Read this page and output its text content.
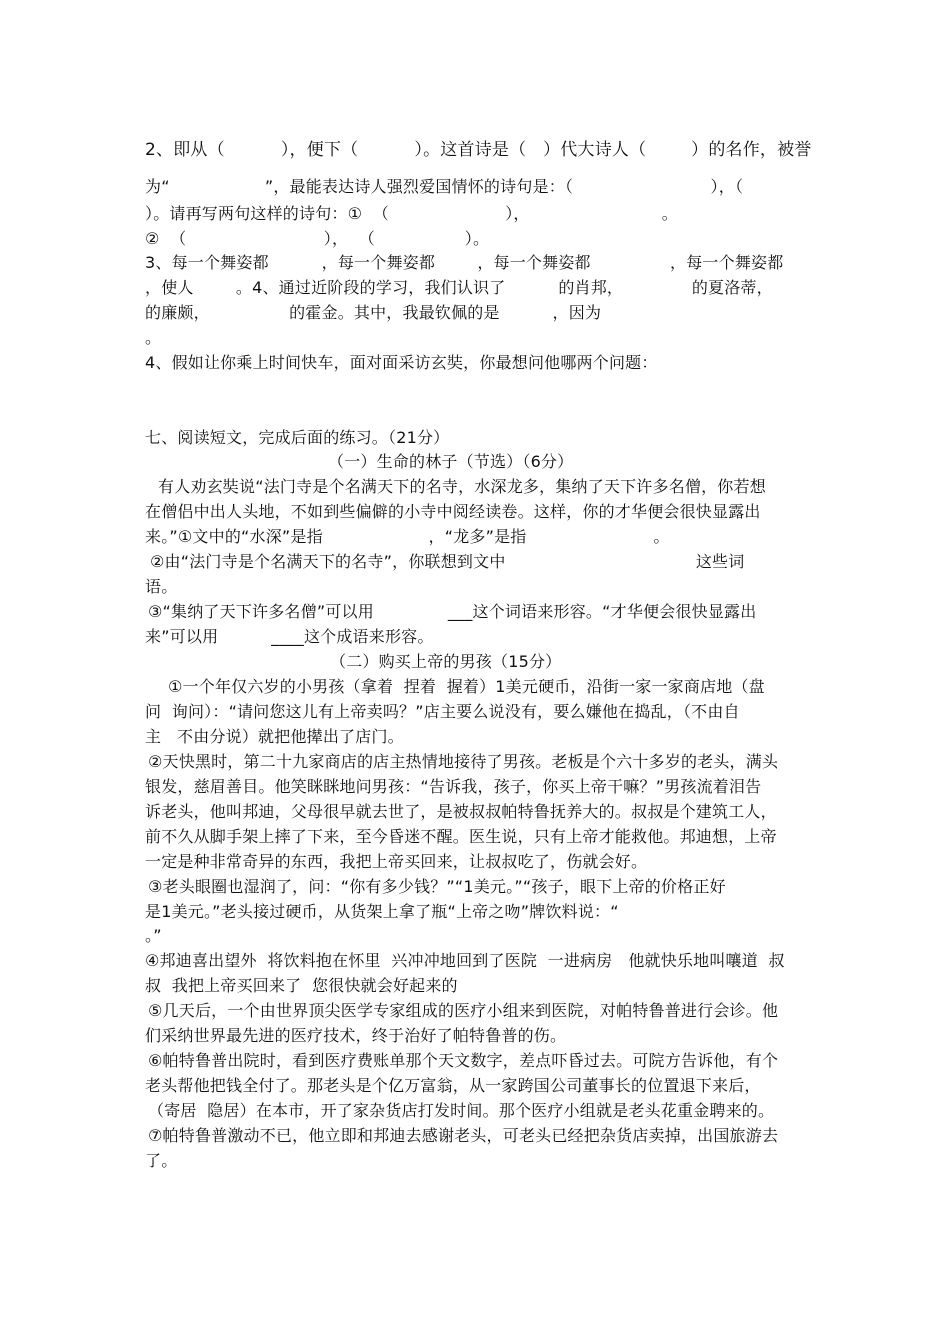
2、即从（          ），便下（          ）。这首诗是（   ）代大诗人（        ）的名作，被誉
为“                  ”，最能表达诗人强烈爱国情怀的诗句是：（                          ），（
）。请再写两句这样的诗句：①  （                      ），                         。
②  （                          ），  （                 ）。
3、每一个舞姿都          ，每一个舞姿都        ，每一个舞姿都               ，每一个舞姿都
，使人        。4、通过近阶段的学习，我们认识了          的肖邦，             的夏洛蒂，
的廉颇，               的霍金。其中，我最钦佩的是          ，因为
。
4、假如让你乘上时间快车，面对面采访玄奘，你最想问他哪两个问题：
七、阅读短文，完成后面的练习。（21分）
（一）生命的林子（节选）（6分）
有人劝玄奘说“法门寺是个名满天下的名寺，水深龙多，集纳了天下许多名僧，你若想
在僧侣中出人头地，不如到些偏僻的小寺中阅经读卷。这样，你的才华便会很快显露出
来。”①文中的“水深”是指                    ，“龙多”是指                        。
②由“法门寺是个名满天下的名寺”，你联想到文中                                    这些词
语。
③“集纳了天下许多名僧”可以用              ___这个词语来形容。“才华便会很快显露出
来”可以用          ____这个成语来形容。
（二）购买上帝的男孩（15分）
①一个年仅六岁的小男孩（拿着  捏着  握着）1美元硬币，沿街一家一家商店地（盘
问  询问）：“请问您这儿有上帝卖吗？”店主要么说没有，要么嫌他在捣乱，（不由自
主   不由分说）就把他撵出了店门。
②天快黑时，第二十九家商店的店主热情地接待了男孩。老板是个六十多岁的老头，满头
银发，慈眉善目。他笑眯眯地问男孩：“告诉我，孩子，你买上帝干嘛？”男孩流着泪告
诉老头，他叫邦迪，父母很早就去世了，是被叔叔帕特鲁抚养大的。叔叔是个建筑工人，
前不久从脚手架上摔了下来，至今昏迷不醒。医生说，只有上帝才能救他。邦迪想，上帝
一定是种非常奇异的东西，我把上帝买回来，让叔叔吃了，伤就会好。
③老头眼圈也湿润了，问：“你有多少钱？”“1美元。”“孩子，眼下上帝的价格正好
是1美元。”老头接过硬币，从货架上拿了瓶“上帝之吻”牌饮料说：“
。”
④邦迪喜出望外  将饮料抱在怀里  兴冲冲地回到了医院  一进病房   他就快乐地叫嚷道  叔
叔  我把上帝买回来了  您很快就会好起来的
⑤几天后，一个由世界顶尖医学专家组成的医疗小组来到医院，对帕特鲁普进行会诊。他
们采纳世界最先进的医疗技术，终于治好了帕特鲁普的伤。
⑥帕特鲁普出院时，看到医疗费账单那个天文数字，差点吓昏过去。可院方告诉他，有个
老头帮他把钱全付了。那老头是个亿万富翁，从一家跨国公司董事长的位置退下来后，
（寄居  隐居）在本市，开了家杂货店打发时间。那个医疗小组就是老头花重金聘来的。
⑦帕特鲁普激动不已，他立即和邦迪去感谢老头，可老头已经把杂货店卖掉，出国旅游去
了。
